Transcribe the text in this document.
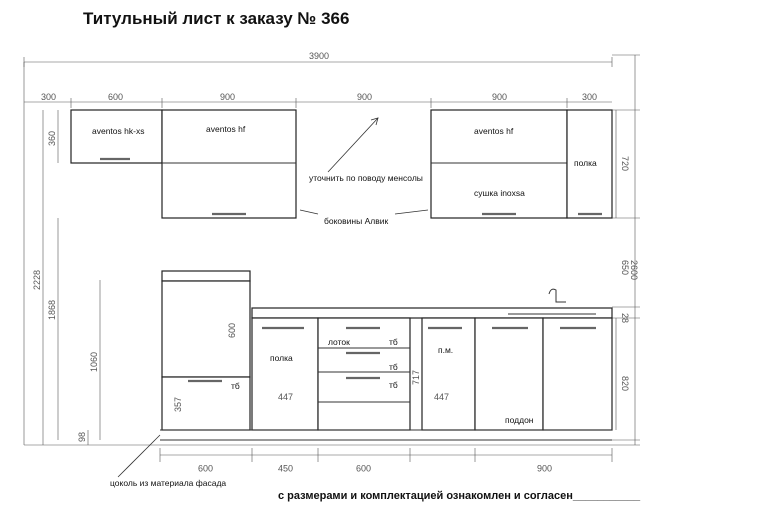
Титульный лист к заказу № 366
3900
300	600	900	900	900	300
600	450	600	900
2228
1868
360
1060
98
600
357
2600
720
650
28
820
447	447
717
aventos hk-xs	aventos hf	aventos hf
сушка inoxsa
полка
уточнить по поводу менсолы
боковины Алвик
полка
лоток	тб
тб
тб
тб
п.м.
поддон
цоколь из материала фасада
с размерами и комплектацией ознакомлен и согласен___________
